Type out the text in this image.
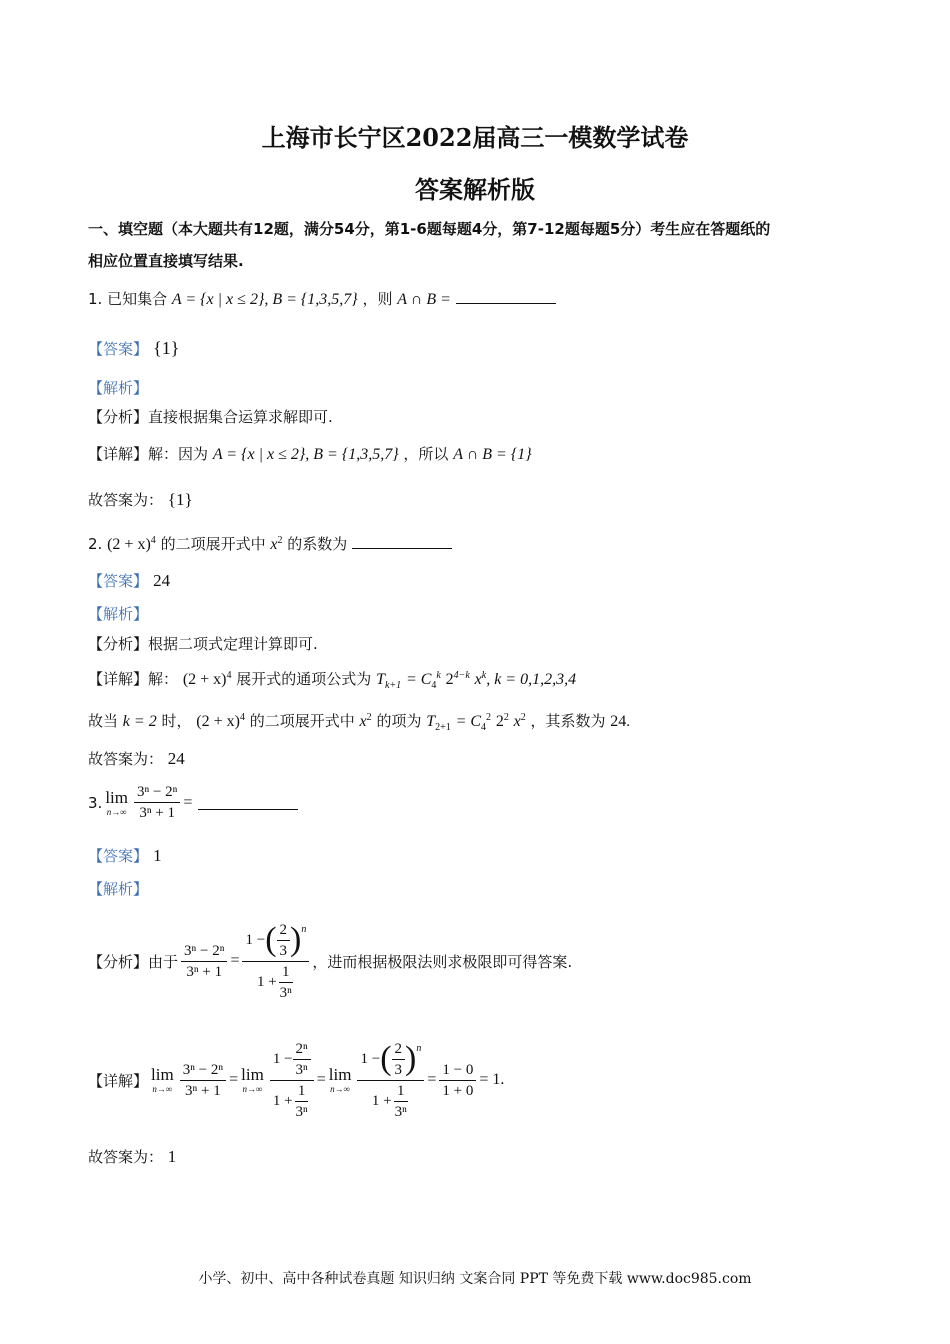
上海市长宁区2022届高三一模数学试卷
答案解析版
一、填空题（本大题共有12题，满分54分，第1-6题每题4分，第7-12题每题5分）考生应在答题纸的
相应位置直接填写结果.
1. 已知集合 A = {x | x ≤ 2}, B = {1,3,5,7} ，则 A ∩ B =
【答案】 {1}
【解析】
【分析】直接根据集合运算求解即可.
【详解】解：因为 A = {x | x ≤ 2}, B = {1,3,5,7} ，所以 A ∩ B = {1}
故答案为： {1}
2. $(2 + x)^4$ 的二项展开式中 $x^2$ 的系数为
【答案】 24
【解析】
【分析】根据二项式定理计算即可.
【详解】解： $(2 + x)^4$ 展开式的通项公式为 $T_{k+1} = C_4^k$ $2^{4-k}$ $x^k$, k = 0,1,2,3,4
故当 k = 2 时， $(2 + x)^4$ 的二项展开式中 $x^2$ 的项为 $T_{2+1} = C_4^2$ $2^2$ $x^2$ ，其系数为 24.
故答案为： 24
3. lim
$n\to\infty \frac{\text{3ⁿ − 2ⁿ}}{\text{3ⁿ + 1}}$ =
【答案】 1
【解析】
【分析】 由于 $\frac{\text{3ⁿ − 2ⁿ}}{\text{3ⁿ + 1}} = \frac{1 - ( \frac{2}{3} )^n}{1 + \frac{1}{\text{3ⁿ}}}$ ，进而根据极限法则求极限即可得答案.
【详解】 lim
$n\to\infty \frac{\text{3ⁿ − 2ⁿ}}{\text{3ⁿ + 1}} = \lim$
$n\to\infty \frac{1 - \frac{\text{2ⁿ}}{\text{3ⁿ}}}{1 + \frac{1}{\text{3ⁿ}}} = \lim$
$n\to\infty \frac{1 - ( \frac{2}{3} )^n}{1 + \frac{1}{\text{3ⁿ}}} = \frac{1 - 0}{1 + 0} = 1$.
故答案为： 1
小学、初中、高中各种试卷真题 知识归纳 文案合同 PPT 等免费下载 www.doc985.com
